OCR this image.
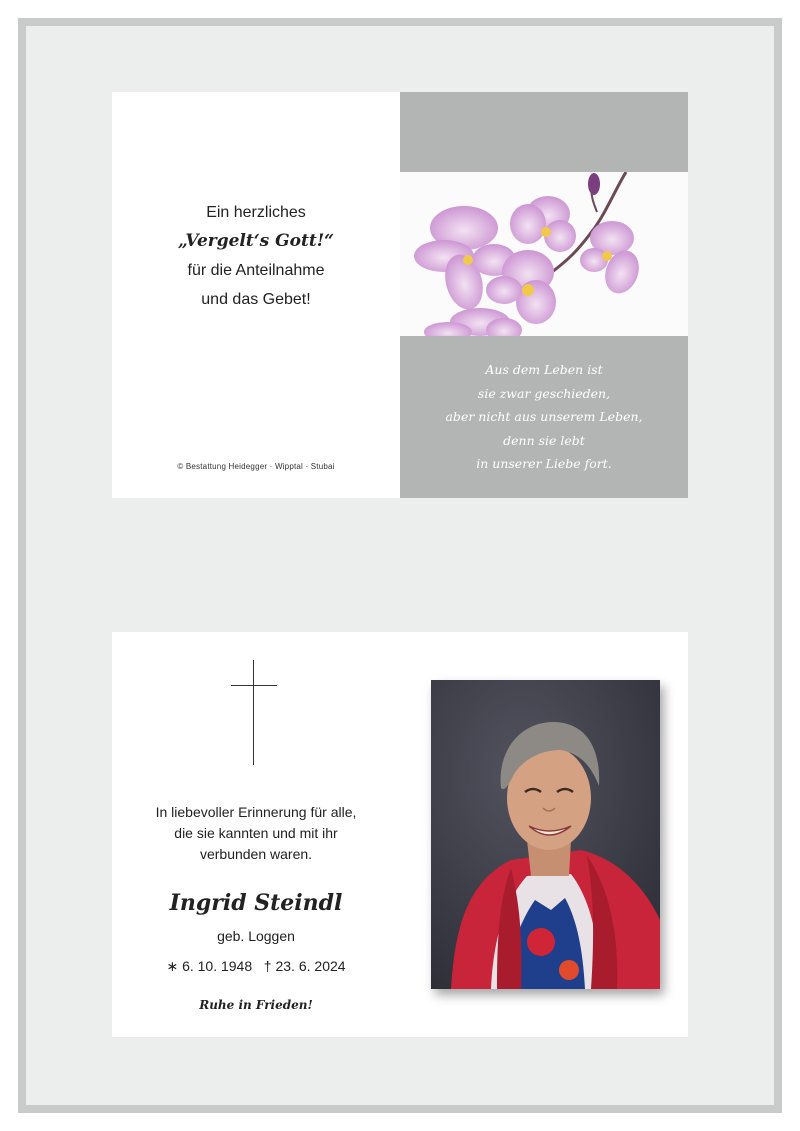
Ein herzliches
„Vergelt‘s Gott!“
für die Anteilnahme
und das Gebet!
© Bestattung Heidegger · Wipptal · Stubai
Aus dem Leben ist
sie zwar geschieden,
aber nicht aus unserem Leben,
denn sie lebt
in unserer Liebe fort.
In liebevoller Erinnerung für alle,
die sie kannten und mit ihr
verbunden waren.
Ingrid Steindl
geb. Loggen
∗ 6. 10. 1948 † 23. 6. 2024
Ruhe in Frieden!
